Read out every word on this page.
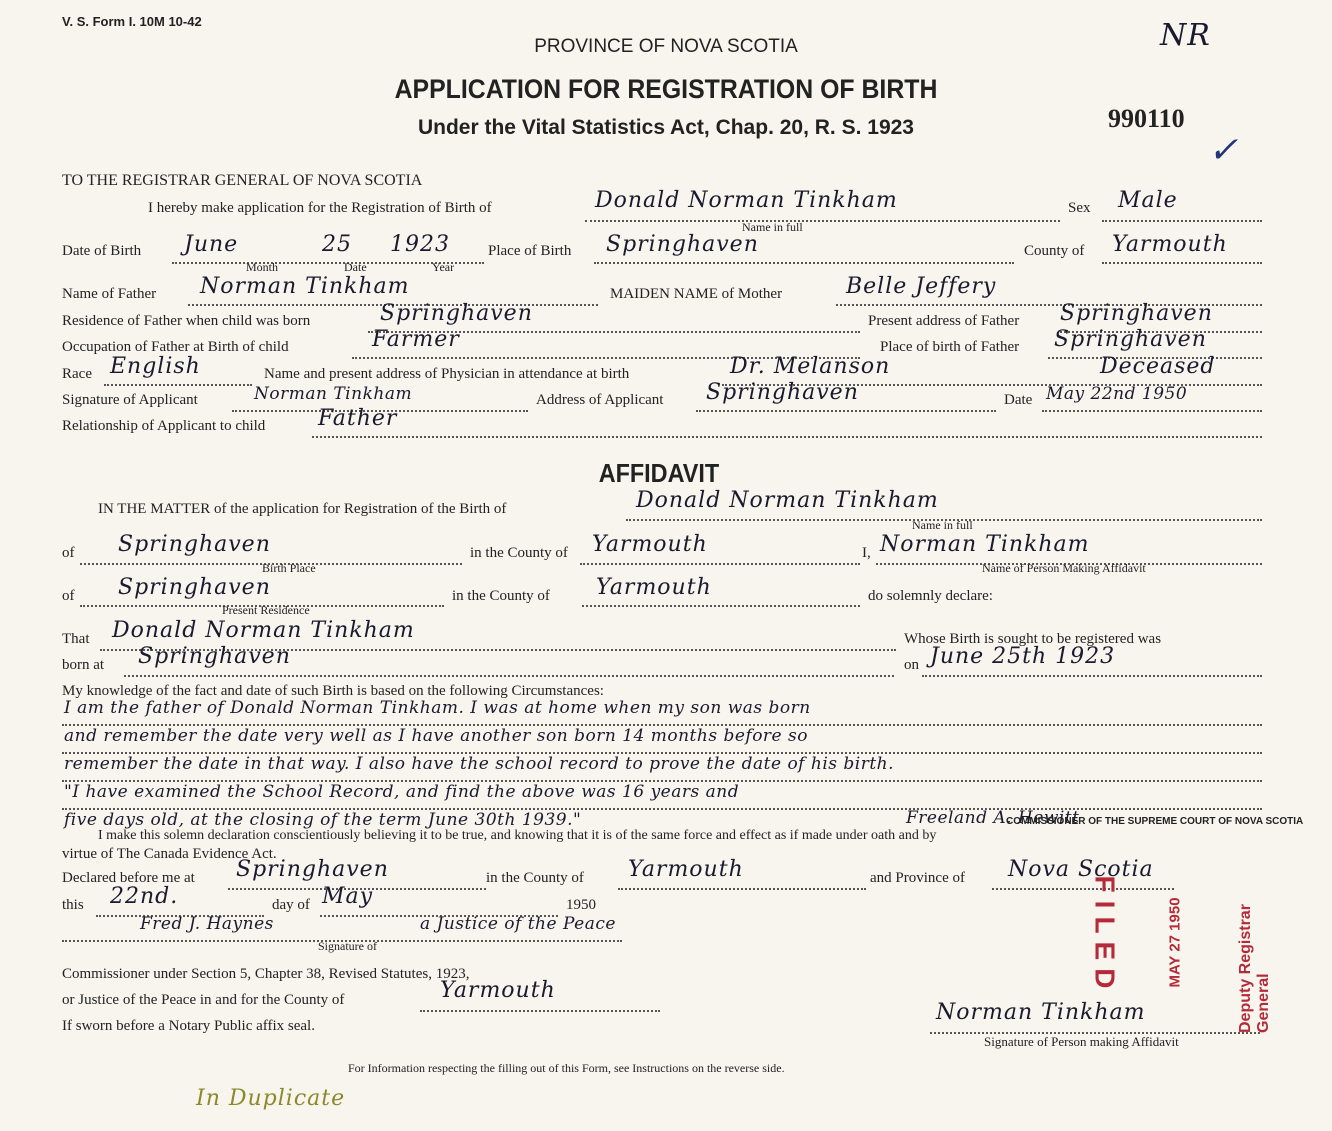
V. S. Form I. 10M 10-42
PROVINCE OF NOVA SCOTIA
APPLICATION FOR REGISTRATION OF BIRTH
Under the Vital Statistics Act, Chap. 20, R. S. 1923	990110
NR
✓
TO THE REGISTRAR GENERAL OF NOVA SCOTIA
I hereby make application for the Registration of Birth of	Donald Norman Tinkham
Name in full
Sex Male
Date of Birth June	25 1923
Month	Date	Year
Place of Birth Springhaven	County of Yarmouth
Name of Father Norman Tinkham	MAIDEN NAME of Mother	Belle Jeffery
Residence of Father when child was born	Springhaven	Present address of Father Springhaven
Occupation of Father at Birth of child	Farmer	Place of birth of Father Springhaven
Race English	Name and present address of Physician in attendance at birth	Dr. Melanson	Deceased
Signature of Applicant	Norman Tinkham	Address of Applicant Springhaven	Date May 22nd 1950
Relationship of Applicant to child Father
AFFIDAVIT
IN THE MATTER of the application for Registration of the Birth of	Donald Norman Tinkham
Name in full
of Springhaven
Birth Place
in the County of Yarmouth	I, Norman Tinkham
Name of Person Making Affidavit
of Springhaven
Present Residence
in the County of Yarmouth	do solemnly declare:
That Donald Norman Tinkham	Whose Birth is sought to be registered was
born at Springhaven	on June 25th 1923
My knowledge of the fact and date of such Birth is based on the following Circumstances:
I am the father of Donald Norman Tinkham. I was at home when my son was born
and remember the date very well as I have another son born 14 months before so
remember the date in that way. I also have the school record to prove the date of his birth.
"I have examined the School Record, and find the above was 16 years and
five days old, at the closing of the term June 30th 1939."	Freeland A. Hewitt
COMMISSIONER OF THE SUPREME COURT OF NOVA SCOTIA
I make this solemn declaration conscientiously believing it to be true, and knowing that it is of the same force and effect as if made under oath and by
virtue of The Canada Evidence Act.
Declared before me at Springhaven	in the County of Yarmouth	and Province of Nova Scotia
this 22nd.	day of May	1950
Fred J. Haynes	a Justice of the Peace
Signature of
Commissioner under Section 5, Chapter 38, Revised Statutes, 1923,
or Justice of the Peace in and for the County of	Yarmouth
If sworn before a Notary Public affix seal.
Norman Tinkham
Signature of Person making Affidavit
FILED	MAY 27 1950	Deputy Registrar General
For Information respecting the filling out of this Form, see Instructions on the reverse side.
In Duplicate
